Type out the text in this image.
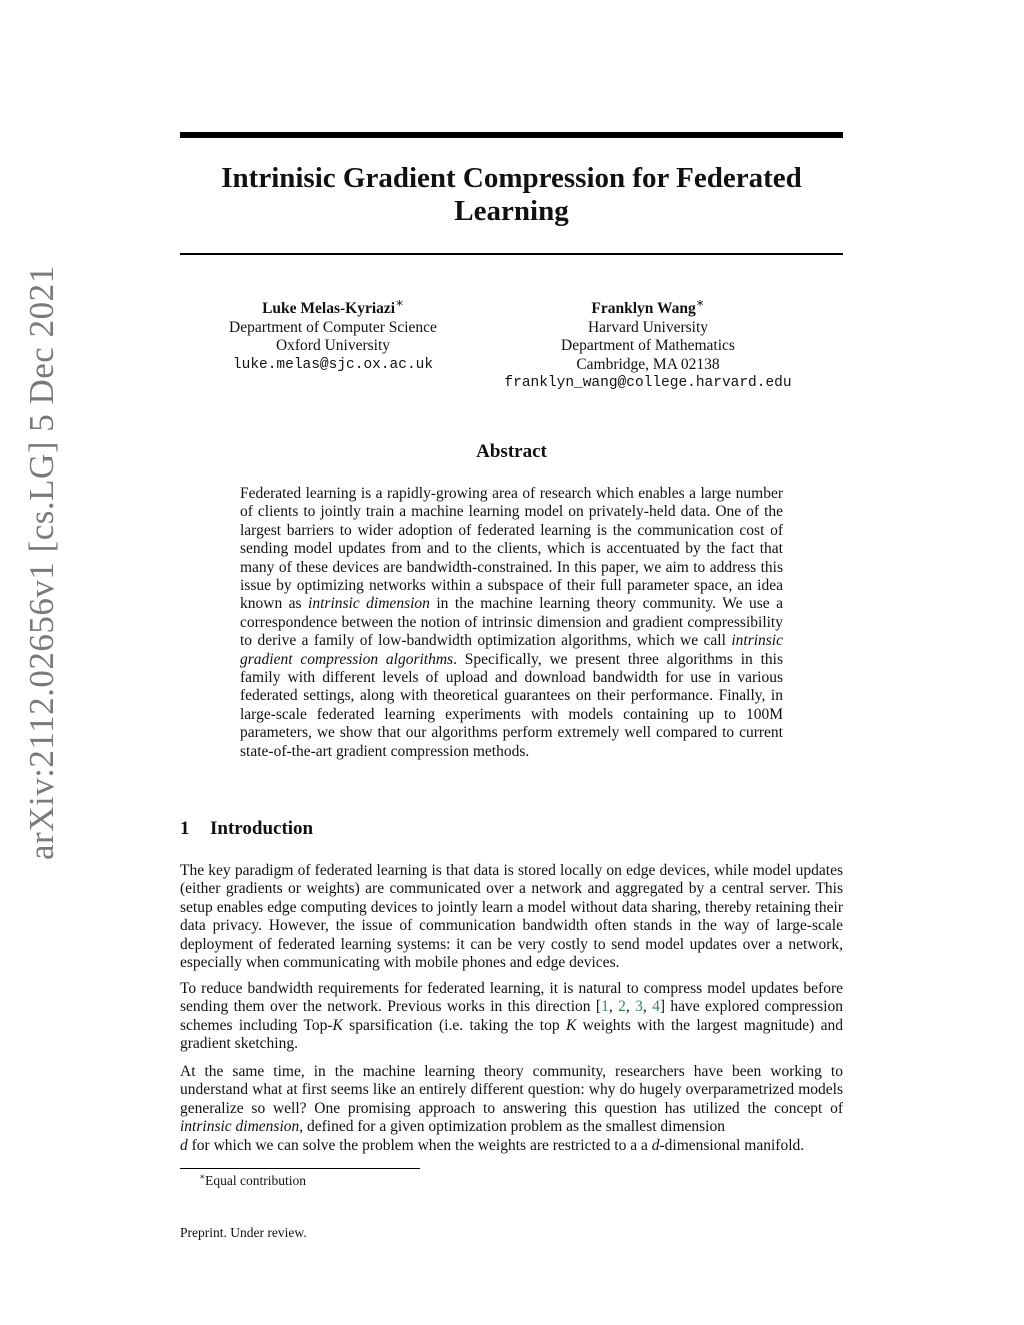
arXiv:2112.02656v1 [cs.LG] 5 Dec 2021
Intrinisic Gradient Compression for Federated Learning
Luke Melas-Kyriazi∗
Department of Computer Science
Oxford University
luke.melas@sjc.ox.ac.uk
Franklyn Wang∗
Harvard University
Department of Mathematics
Cambridge, MA 02138
franklyn_wang@college.harvard.edu
Abstract

Federated learning is a rapidly-growing area of research which enables a large number of clients to jointly train a machine learning model on privately-held data. One of the largest barriers to wider adoption of federated learning is the communication cost of sending model updates from and to the clients, which is accentuated by the fact that many of these devices are bandwidth-constrained. In this paper, we aim to address this issue by optimizing networks within a subspace of their full parameter space, an idea known as intrinsic dimension in the machine learning theory community. We use a correspondence between the notion of intrinsic dimension and gradient compressibility to derive a family of low-bandwidth optimization algorithms, which we call intrinsic gradient compression algorithms. Specifically, we present three algorithms in this family with different levels of upload and download bandwidth for use in various federated settings, along with theoretical guarantees on their performance. Finally, in large-scale federated learning experiments with models containing up to 100M parameters, we show that our algorithms perform extremely well compared to current state-of-the-art gradient compression methods.

1 Introduction

The key paradigm of federated learning is that data is stored locally on edge devices, while model updates (either gradients or weights) are communicated over a network and aggregated by a central server. This setup enables edge computing devices to jointly learn a model without data sharing, thereby retaining their data privacy. However, the issue of communication bandwidth often stands in the way of large-scale deployment of federated learning systems: it can be very costly to send model updates over a network, especially when communicating with mobile phones and edge devices.

To reduce bandwidth requirements for federated learning, it is natural to compress model updates before sending them over the network. Previous works in this direction [1, 2, 3, 4] have explored compression schemes including Top-K sparsification (i.e. taking the top K weights with the largest magnitude) and gradient sketching.

At the same time, in the machine learning theory community, researchers have been working to understand what at first seems like an entirely different question: why do hugely overparametrized models generalize so well? One promising approach to answering this question has utilized the concept of intrinsic dimension, defined for a given optimization problem as the smallest dimension
d for which we can solve the problem when the weights are restricted to a a d-dimensional manifold.

∗Equal contribution

Preprint. Under review.
